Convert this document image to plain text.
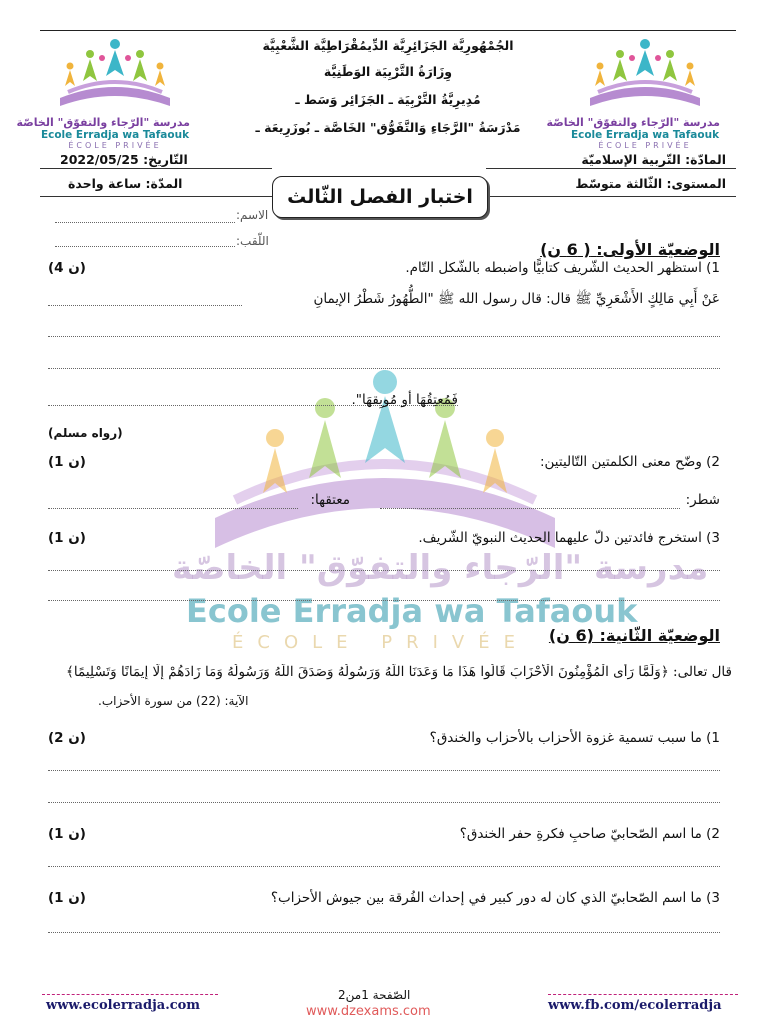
مدرسة "الرّجاء والتفوّق" الخاصّة
Ecole Erradja wa Tafaouk
ÉCOLE PRIVÉE
مدرسة "الرّجاء والتفوّق" الخاصّة
Ecole Erradja wa Tafaouk
ÉCOLE PRIVÉE
الجُمْهُورِيَّة الجَزَائِرِيَّة الدِّيمُقْرَاطِيَّة الشَّعْبِيَّة
وِزَارَةُ التَّرْبِيَة الوَطَنِيَّة
مُدِيرِيَّةُ التَّرْبِيَة ـ الجَزَائِر وَسَط ـ
مَدْرَسَةُ "الرَّجَاءِ وَالتَّفَوُّق" الخَاصَّة ـ بُوزَرِيعَة ـ
المادّة: التّربية الإسلاميّة
المستوى: الثّالثة متوسّط
التّاريخ: 2022/05/25
المدّة: ساعة واحدة
اختبار الفصل الثّالث
الاسم:
اللّقب:
مدرسة "الرّجاء والتفوّق" الخاصّة
Ecole Erradja wa Tafaouk
ÉCOLE PRIVÉE
الوضعيّة الأولى: ( 6 ن)
1) استظهر الحديث الشّريف كتابيًّا واضبطه بالشّكل التّام.
(4 ن)
عَنْ أَبِي مَالِكٍ الأَشْعَرِيِّ ﷺ قال: قال رسول الله ﷺ "الطُّهُورُ شَطْرُ الإيمانِ
فَمُعتِقُهَا أو مُوبِقهَا".
(رواه مسلم)
2) وضّح معنى الكلمتين التّاليتين:
(1 ن)
شطر:
معتقها:
3) استخرج فائدتين دلّ عليهما الحديث النبويّ الشّريف.
(1 ن)
الوضعيّة الثّانية: (6 ن)
قال تعالى: ﴿وَلَمَّا رَأَى الْمُؤْمِنُونَ الْأَحْزَابَ قَالُوا هَذَا مَا وَعَدَنَا اللَّهُ وَرَسُولُهُ وَصَدَقَ اللَّهُ وَرَسُولُهُ وَمَا زَادَهُمْ إِلَّا إِيمَانًا وَتَسْلِيمًا﴾
الآية: (22) من سورة الأحزاب.
1) ما سبب تسمية غزوة الأحزاب بالأحزاب والخندق؟
(2 ن)
2) ما اسم الصّحابيّ صاحبِ فكرةِ حفر الخندق؟
(1 ن)
3) ما اسم الصّحابيّ الذي كان له دور كبير في إحداث الفُرقة بين جيوش الأحزاب؟
(1 ن)
www.ecolerradja.com
الصّفحة 1من2
www.dzexams.com	www.fb.com/ecolerradja
